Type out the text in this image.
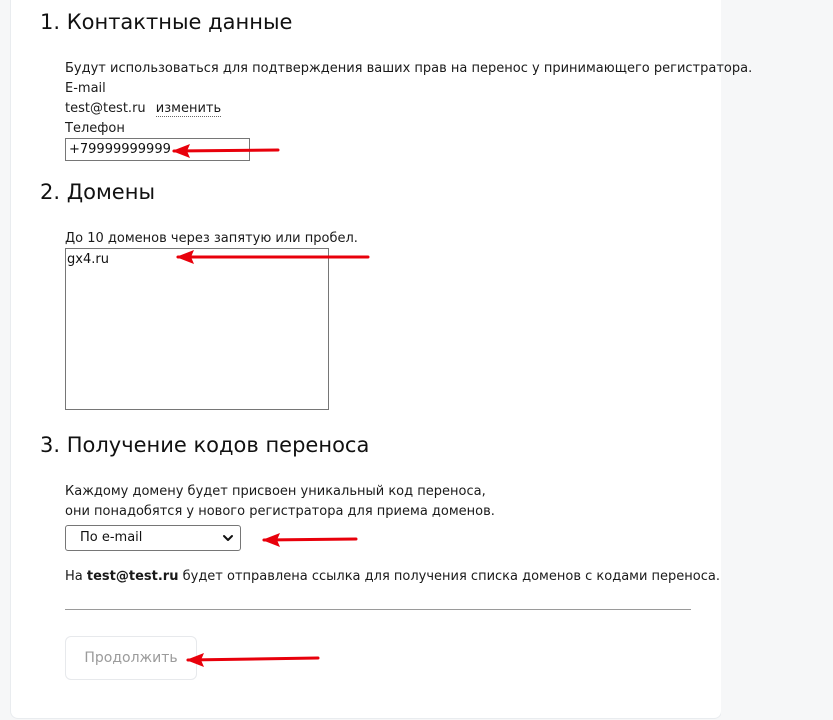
1. Контактные данные
Будут использоваться для подтверждения ваших прав на перенос у принимающего регистратора.
E-mail
test@test.ru изменить
Телефон
+79999999999
2. Домены
До 10 доменов через запятую или пробел.
gx4.ru
3. Получение кодов переноса
Каждому домену будет присвоен уникальный код переноса,
они понадобятся у нового регистратора для приема доменов.
По e-mail
На test@test.ru будет отправлена ссылка для получения списка доменов с кодами переноса.
Продолжить
